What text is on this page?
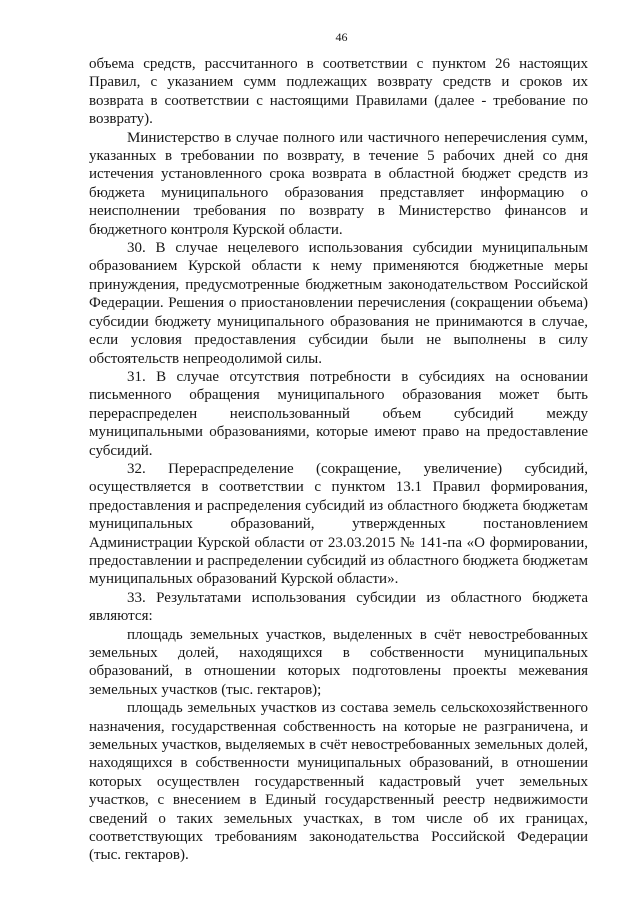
46

объема средств, рассчитанного в соответствии с пунктом 26 настоящих Правил, с указанием сумм подлежащих возврату средств и сроков их возврата в соответствии с настоящими Правилами (далее - требование по возврату).

Министерство в случае полного или частичного неперечисления сумм, указанных в требовании по возврату, в течение 5 рабочих дней со дня истечения установленного срока возврата в областной бюджет средств из бюджета муниципального образования представляет информацию о неисполнении требования по возврату в Министерство финансов и бюджетного контроля Курской области.

30. В случае нецелевого использования субсидии муниципальным образованием Курской области к нему применяются бюджетные меры принуждения, предусмотренные бюджетным законодательством Российской Федерации. Решения о приостановлении перечисления (сокращении объема) субсидии бюджету муниципального образования не принимаются в случае, если условия предоставления субсидии были не выполнены в силу обстоятельств непреодолимой силы.

31. В случае отсутствия потребности в субсидиях на основании письменного обращения муниципального образования может быть перераспределен неиспользованный объем субсидий между муниципальными образованиями, которые имеют право на предоставление субсидий.

32. Перераспределение (сокращение, увеличение) субсидий, осуществляется в соответствии с пунктом 13.1 Правил формирования, предоставления и распределения субсидий из областного бюджета бюджетам муниципальных образований, утвержденных постановлением Администрации Курской области от 23.03.2015 № 141-па «О формировании, предоставлении и распределении субсидий из областного бюджета бюджетам муниципальных образований Курской области».

33. Результатами использования субсидии из областного бюджета являются:

площадь земельных участков, выделенных в счёт невостребованных земельных долей, находящихся в собственности муниципальных образований, в отношении которых подготовлены проекты межевания земельных участков (тыс. гектаров);

площадь земельных участков из состава земель сельскохозяйственного назначения, государственная собственность на которые не разграничена, и земельных участков, выделяемых в счёт невостребованных земельных долей, находящихся в собственности муниципальных образований, в отношении которых осуществлен государственный кадастровый учет земельных участков, с внесением в Единый государственный реестр недвижимости сведений о таких земельных участках, в том числе об их границах, соответствующих требованиям законодательства Российской Федерации (тыс. гектаров).
